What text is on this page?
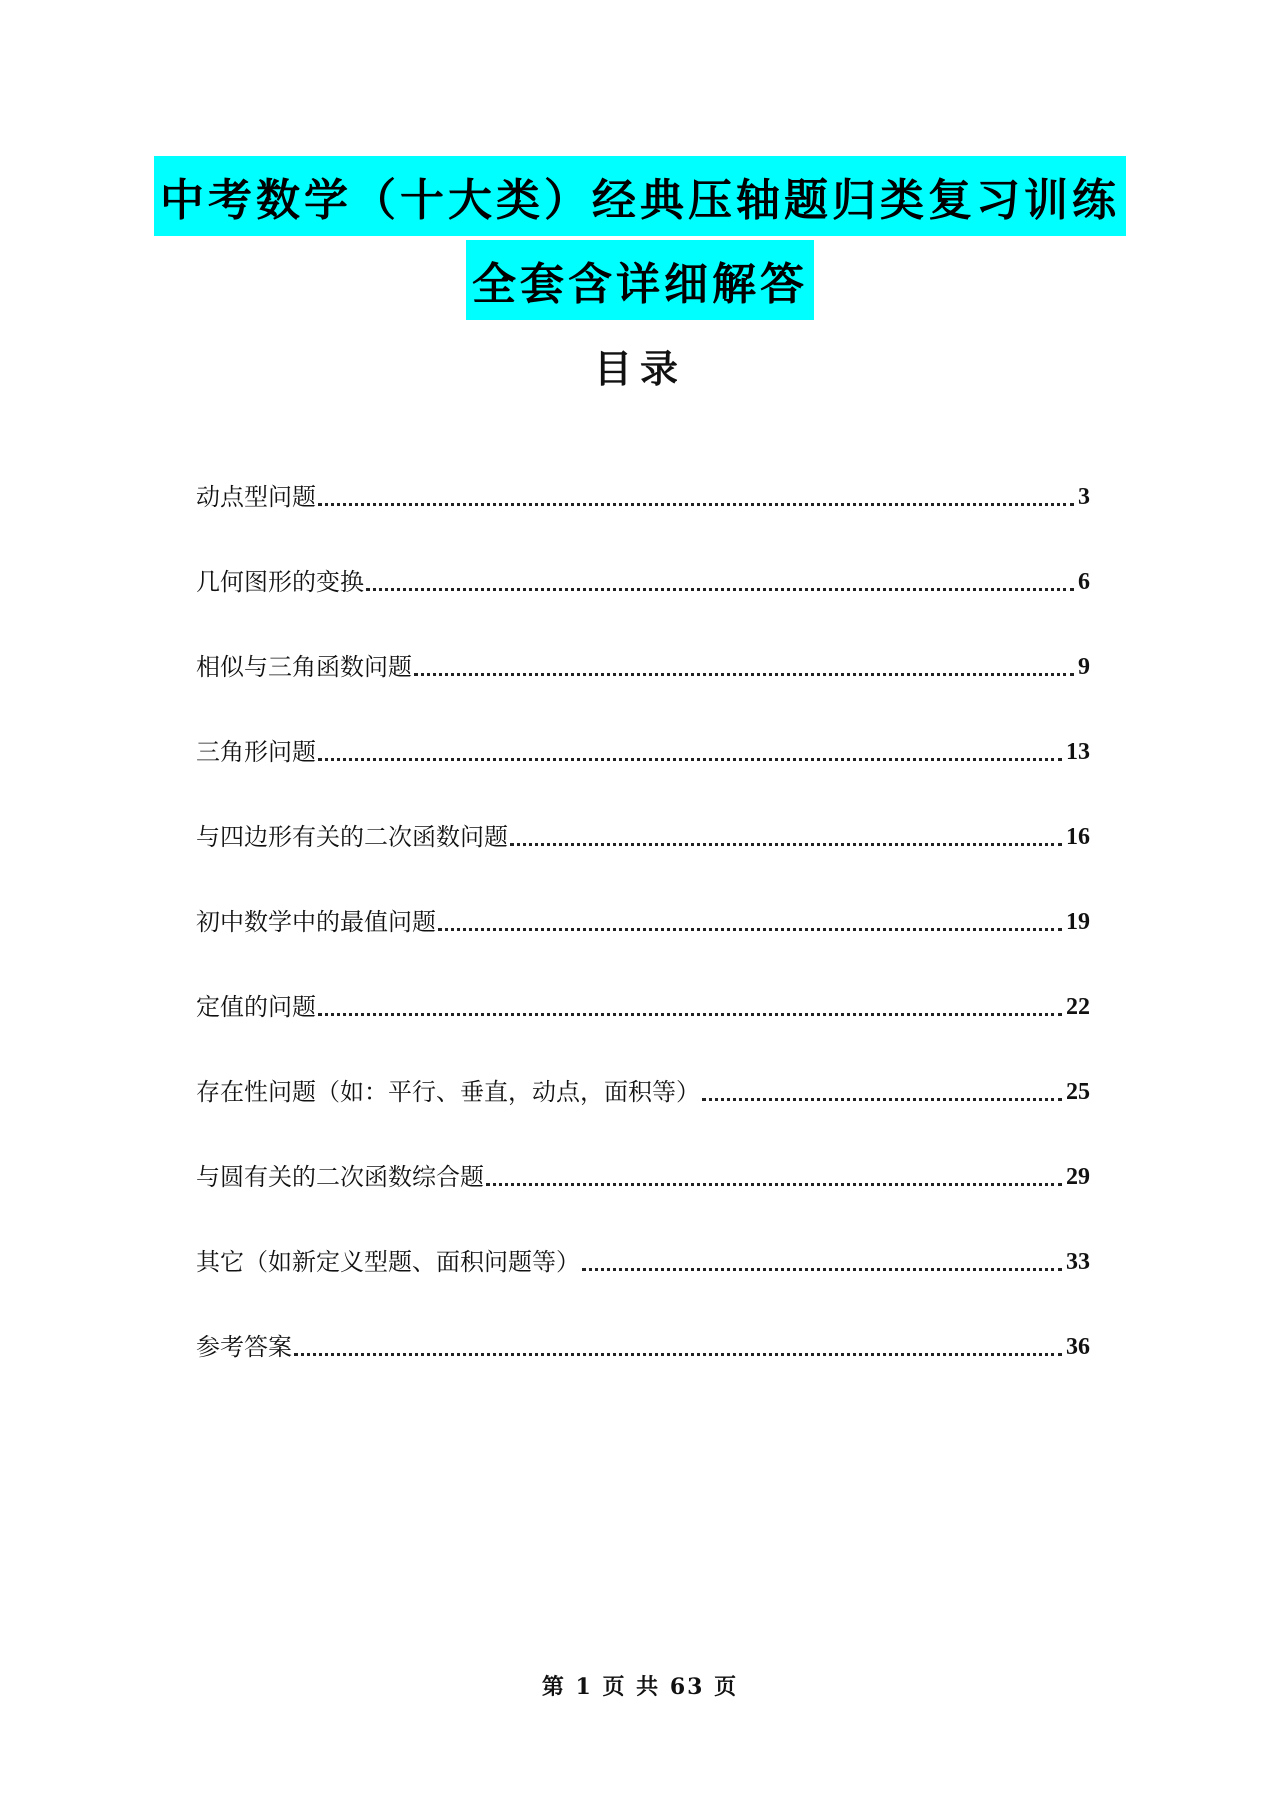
中考数学（十大类）经典压轴题归类复习训练
全套含详细解答
目录
动点型问题	3
几何图形的变换	6
相似与三角函数问题	9
三角形问题	13
与四边形有关的二次函数问题	16
初中数学中的最值问题	19
定值的问题	22
存在性问题（如：平行、垂直，动点，面积等）	25
与圆有关的二次函数综合题	29
其它（如新定义型题、面积问题等）	33
参考答案	36
第 1 页 共 63 页
